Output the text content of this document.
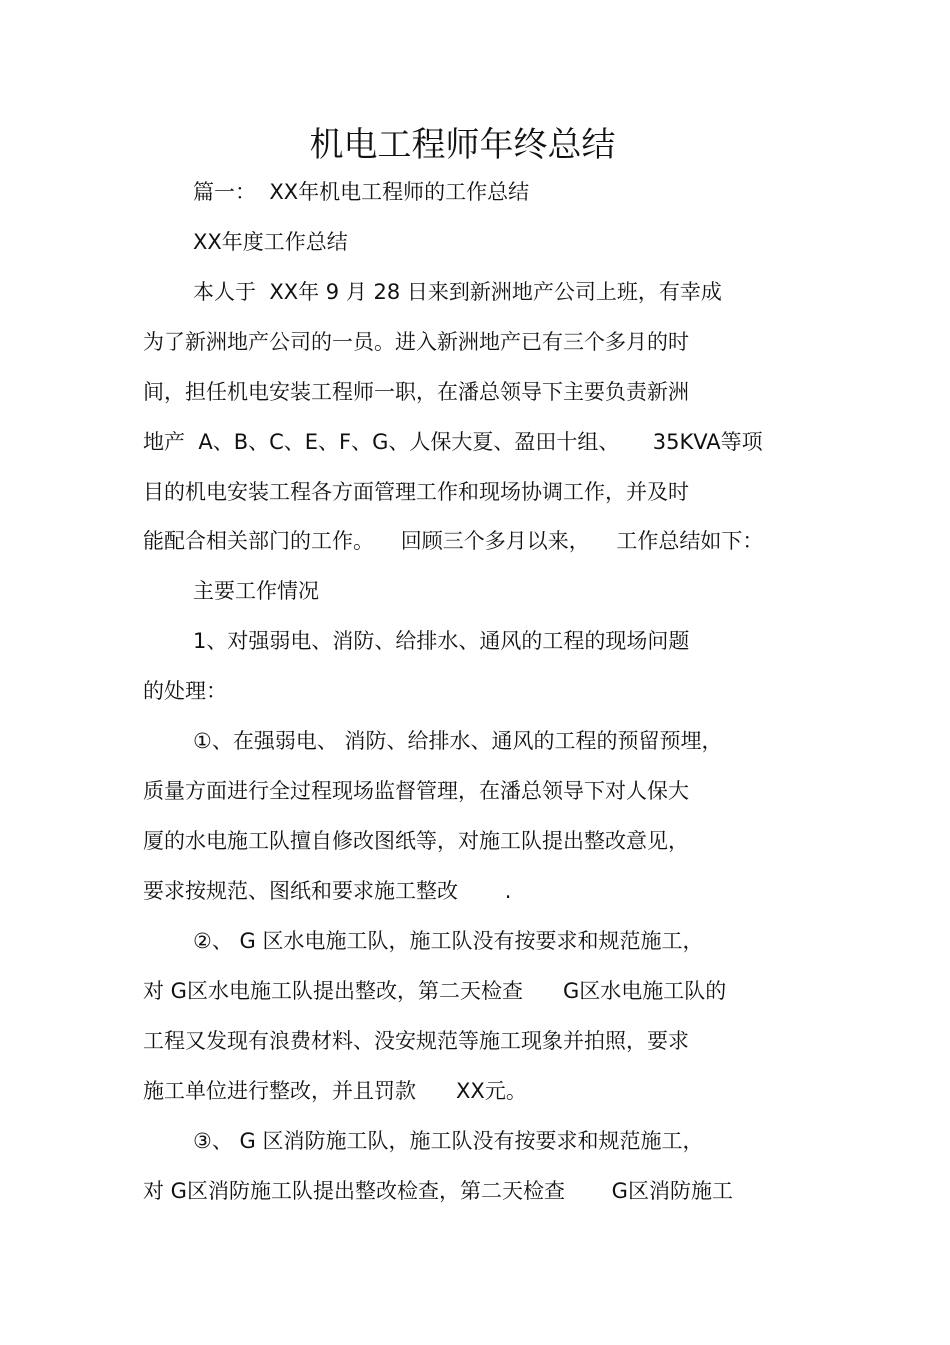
机电工程师年终总结
篇一：  XX年机电工程师的工作总结
XX年度工作总结
本人于  XX年 9 月 28 日来到新洲地产公司上班，有幸成
为了新洲地产公司的一员。进入新洲地产已有三个多月的时
间，担任机电安装工程师一职，在潘总领导下主要负责新洲
地产  A、B、C、E、F、G、人保大夏、盈田十组、     35KVA等项
目的机电安装工程各方面管理工作和现场协调工作，并及时
能配合相关部门的工作。    回顾三个多月以来，    工作总结如下：
主要工作情况
1、对强弱电、消防、给排水、通风的工程的现场问题
的处理：
①、在强弱电、 消防、给排水、通风的工程的预留预埋，
质量方面进行全过程现场监督管理，在潘总领导下对人保大
厦的水电施工队擅自修改图纸等，对施工队提出整改意见，
要求按规范、图纸和要求施工整改       .
②、 G 区水电施工队，施工队没有按要求和规范施工，
对 G区水电施工队提出整改，第二天检查      G区水电施工队的
工程又发现有浪费材料、没安规范等施工现象并拍照，要求
施工单位进行整改，并且罚款      XX元。
③、 G 区消防施工队，施工队没有按要求和规范施工，
对 G区消防施工队提出整改检查，第二天检查       G区消防施工
